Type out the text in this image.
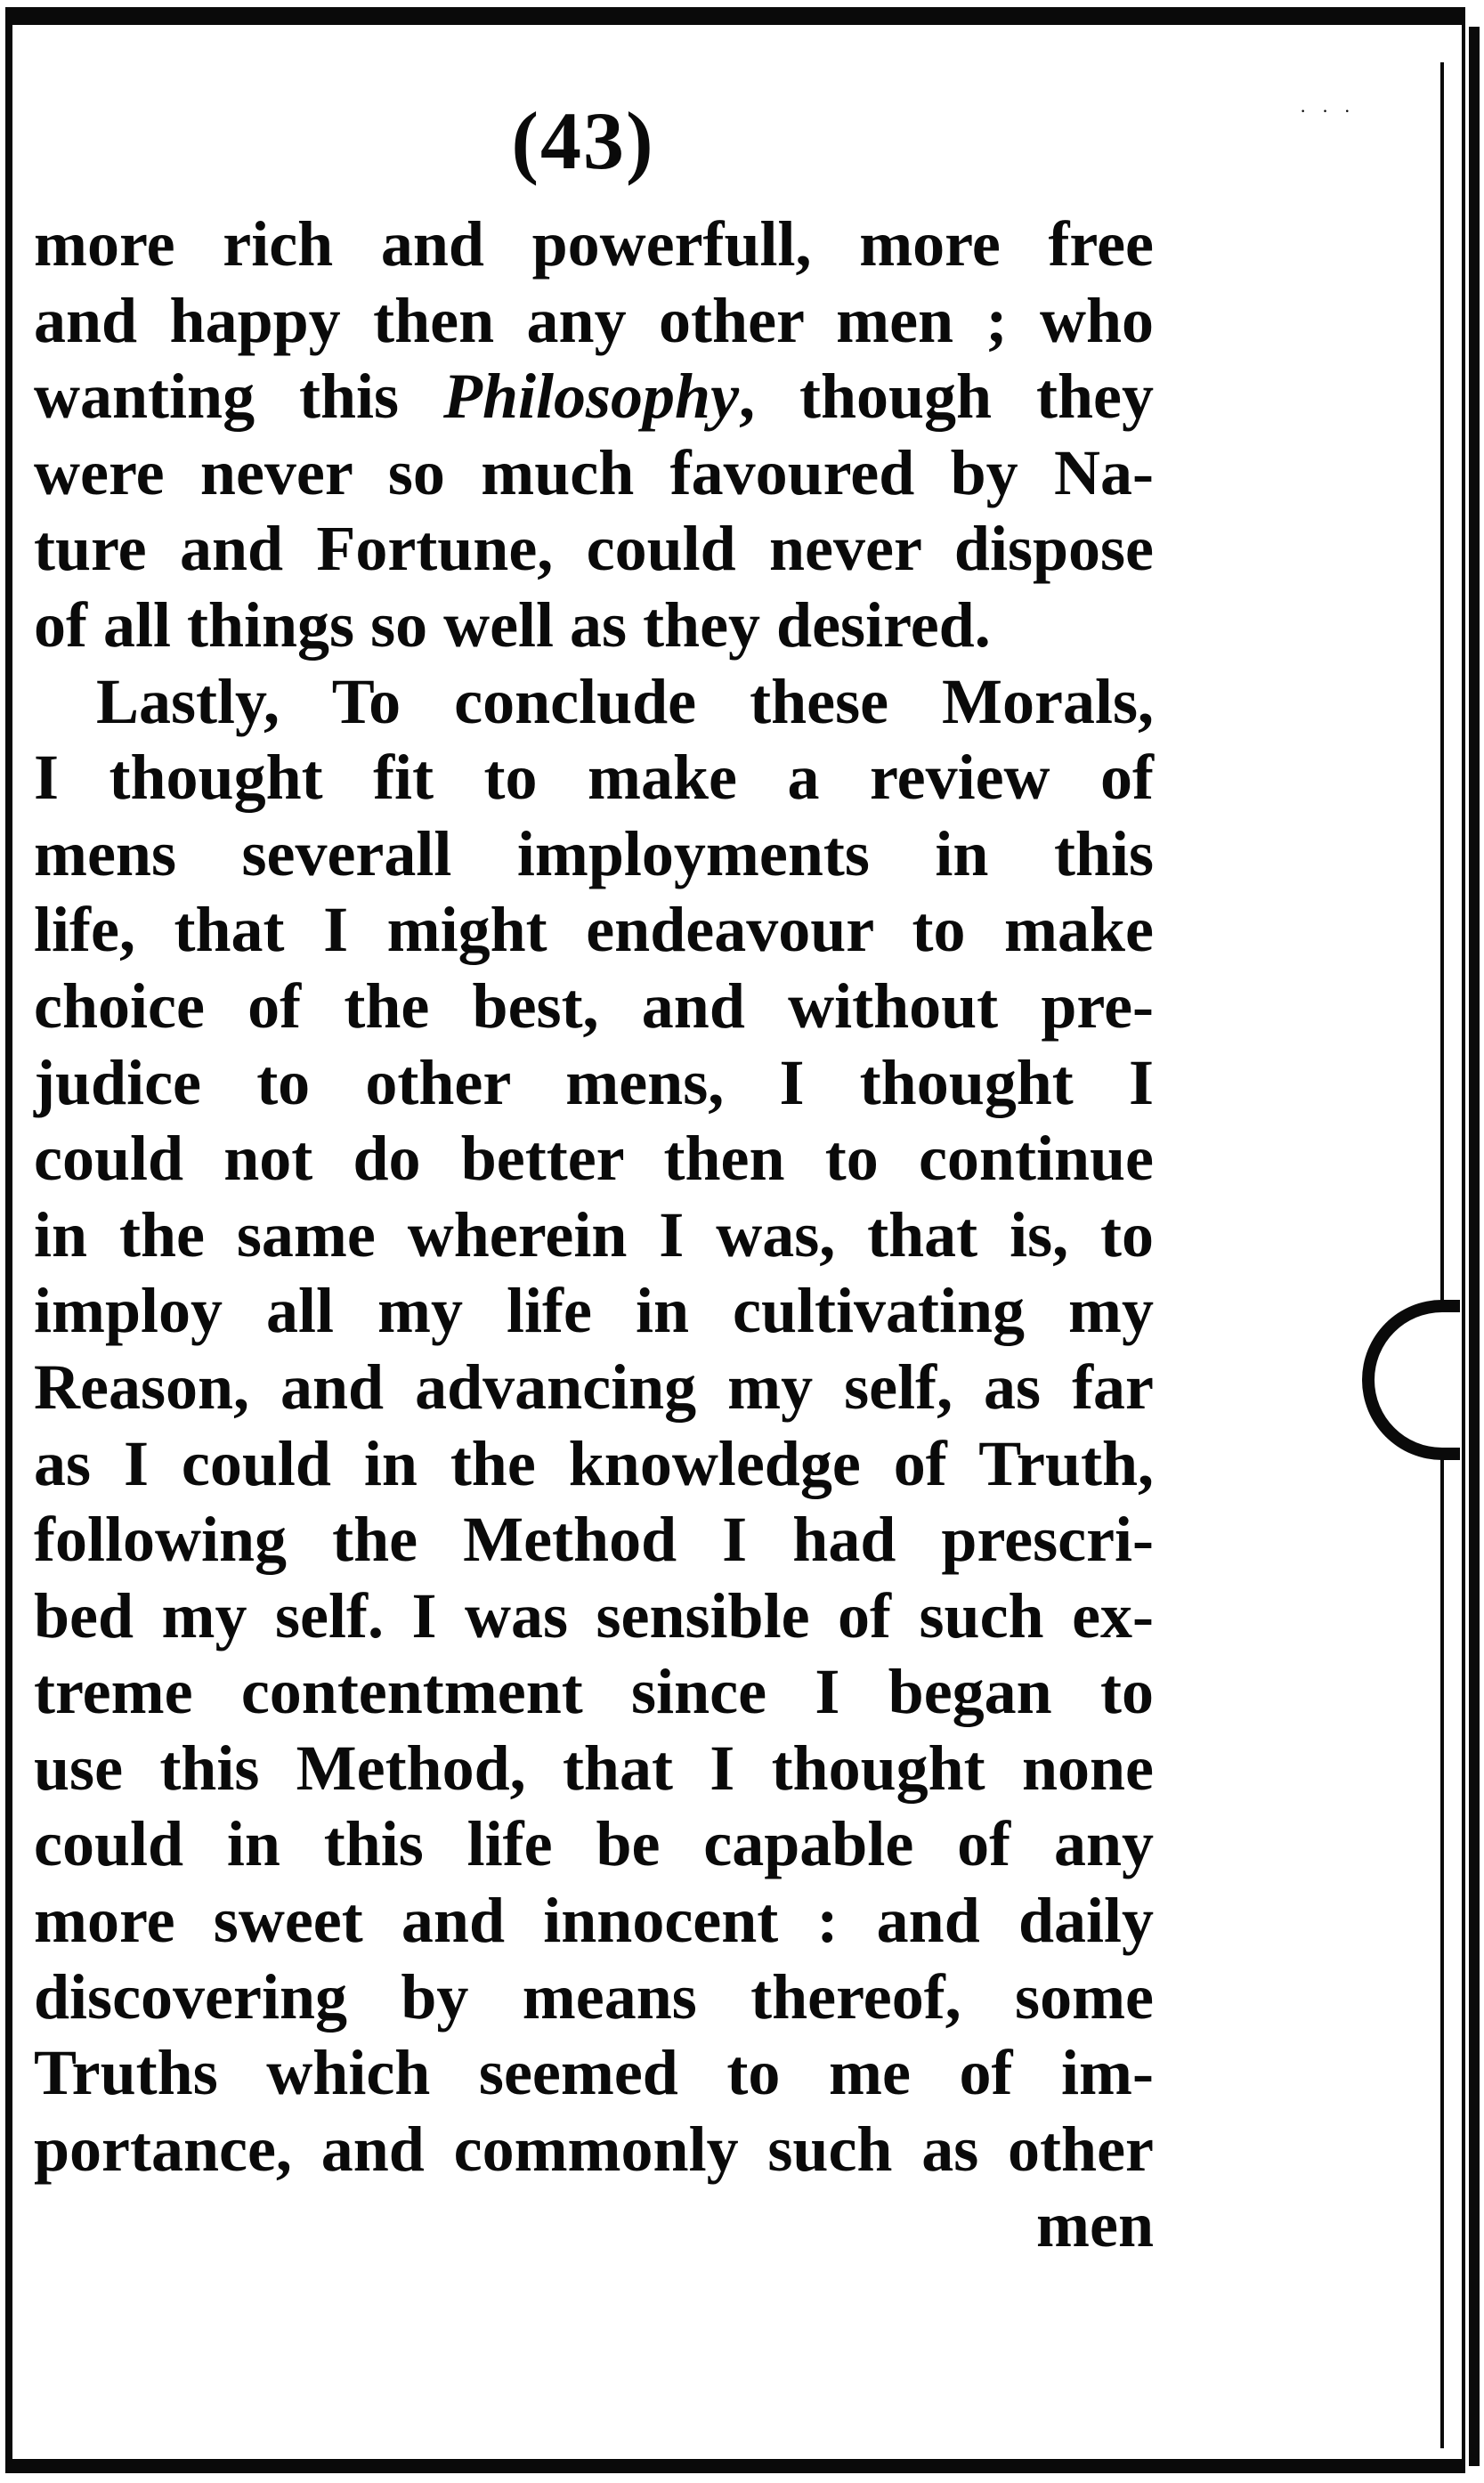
· · ·
(43)
more rich and powerfull, more free
and happy then any other men ; who
wanting this Philosophy, though they
were never so much favoured by Na-
ture and Fortune, could never dispose
of all things so well as they desired.
Lastly, To conclude these Morals,
I thought fit to make a review of
mens severall imployments in this
life, that I might endeavour to make
choice of the best, and without pre-
judice to other mens, I thought I
could not do better then to continue
in the same wherein I was, that is, to
imploy all my life in cultivating my
Reason, and advancing my self, as far
as I could in the knowledge of Truth,
following the Method I had prescri-
bed my self. I was sensible of such ex-
treme contentment since I began to
use this Method, that I thought none
could in this life be capable of any
more sweet and innocent : and daily
discovering by means thereof, some
Truths which seemed to me of im-
portance, and commonly such as other
men
